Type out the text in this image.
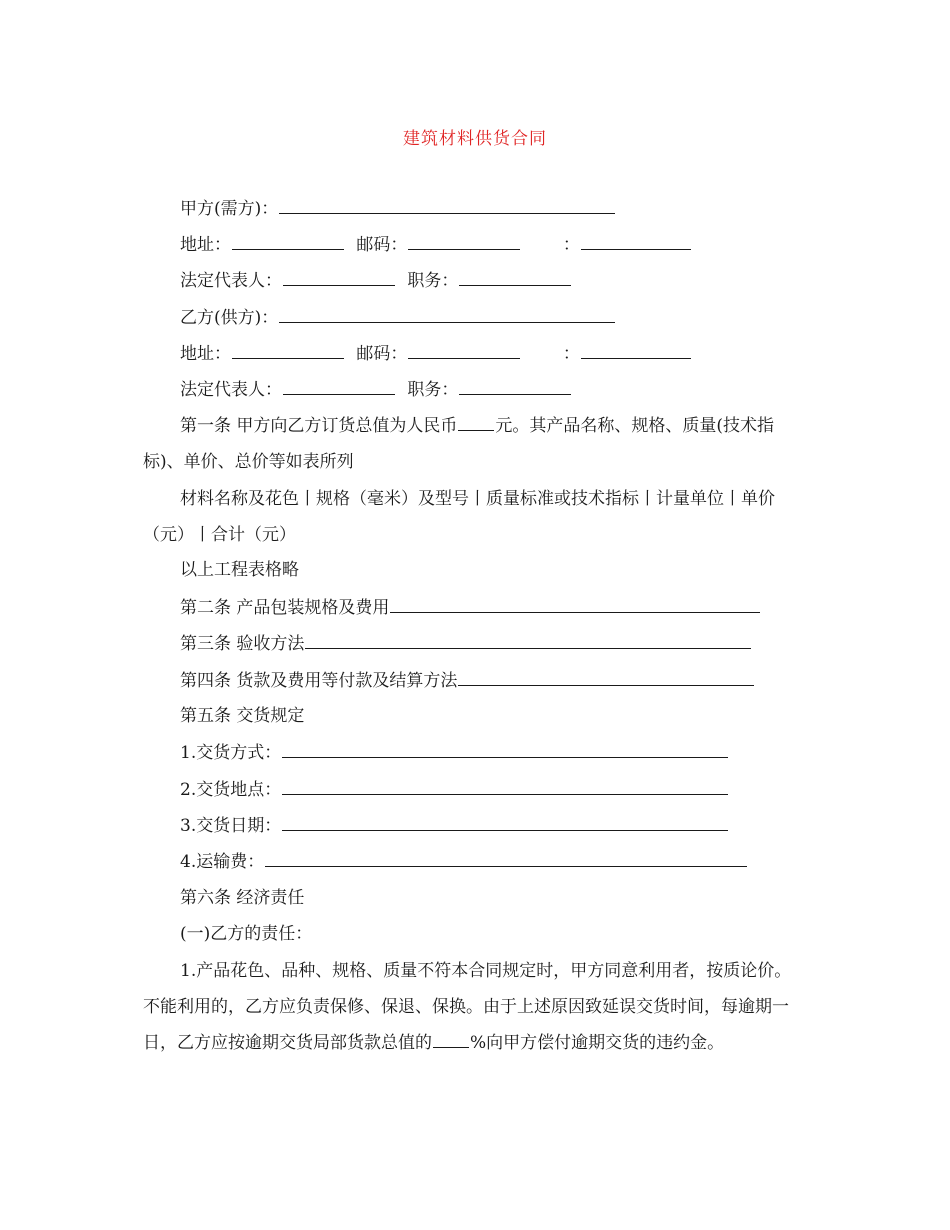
建筑材料供货合同
甲方(需方)：
地址：	邮码：	：
法定代表人：	职务：
乙方(供方)：
地址：	邮码：	：
法定代表人：	职务：
第一条 甲方向乙方订货总值为人民币 元。其产品名称、规格、质量(技术指标)、单价、总价等如表所列
材料名称及花色丨规格（毫米）及型号丨质量标准或技术指标丨计量单位丨单价（元）丨合计（元）
以上工程表格略
第二条 产品包装规格及费用
第三条 验收方法
第四条 货款及费用等付款及结算方法
第五条 交货规定
1.交货方式：
2.交货地点：
3.交货日期：
4.运输费：
第六条 经济责任
(一)乙方的责任：
1.产品花色、品种、规格、质量不符本合同规定时，甲方同意利用者，按质论价。不能利用的，乙方应负责保修、保退、保换。由于上述原因致延误交货时间，每逾期一日，乙方应按逾期交货局部货款总值的 %向甲方偿付逾期交货的违约金。
